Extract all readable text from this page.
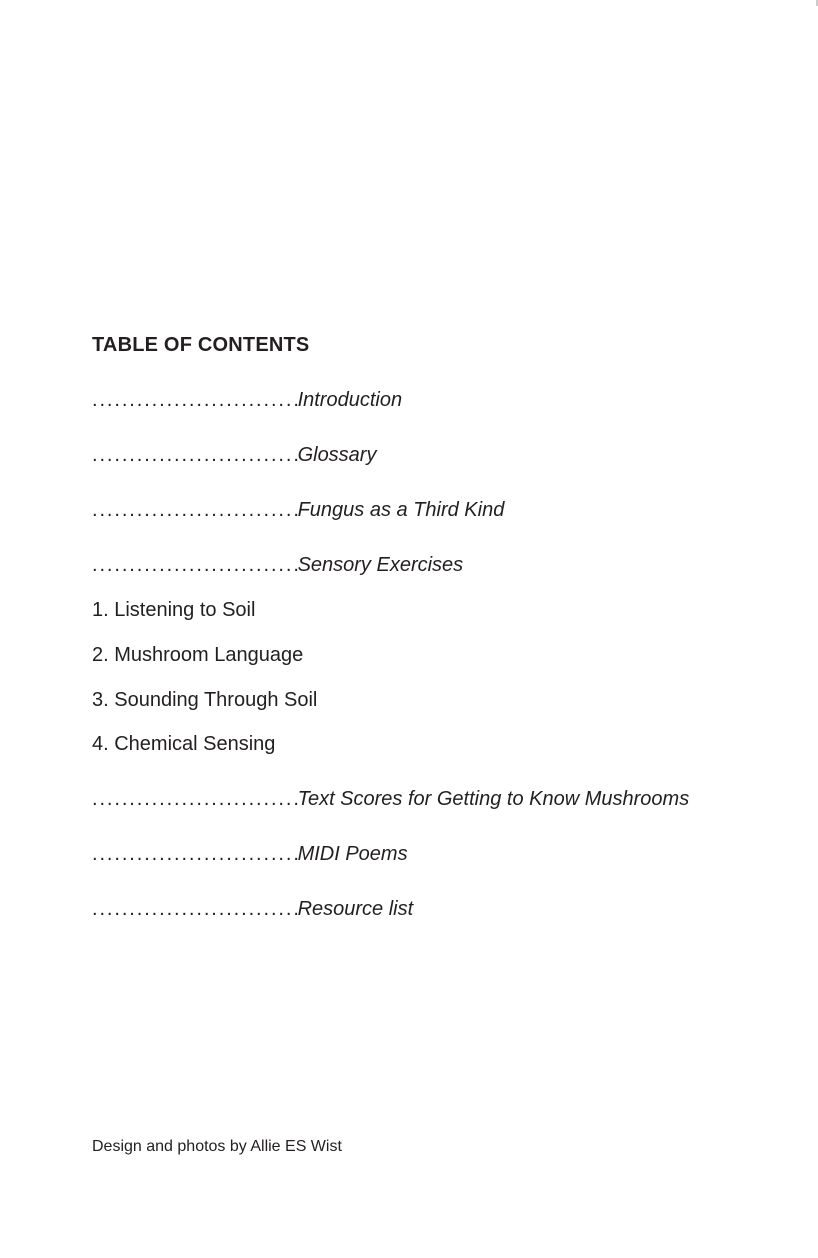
TABLE OF CONTENTS
............................ Introduction
............................ Glossary
............................ Fungus as a Third Kind
............................ Sensory Exercises
1. Listening to Soil
2. Mushroom Language
3. Sounding Through Soil
4. Chemical Sensing
............................ Text Scores for Getting to Know Mushrooms
............................ MIDI Poems
............................ Resource list

Design and photos by Allie ES Wist
